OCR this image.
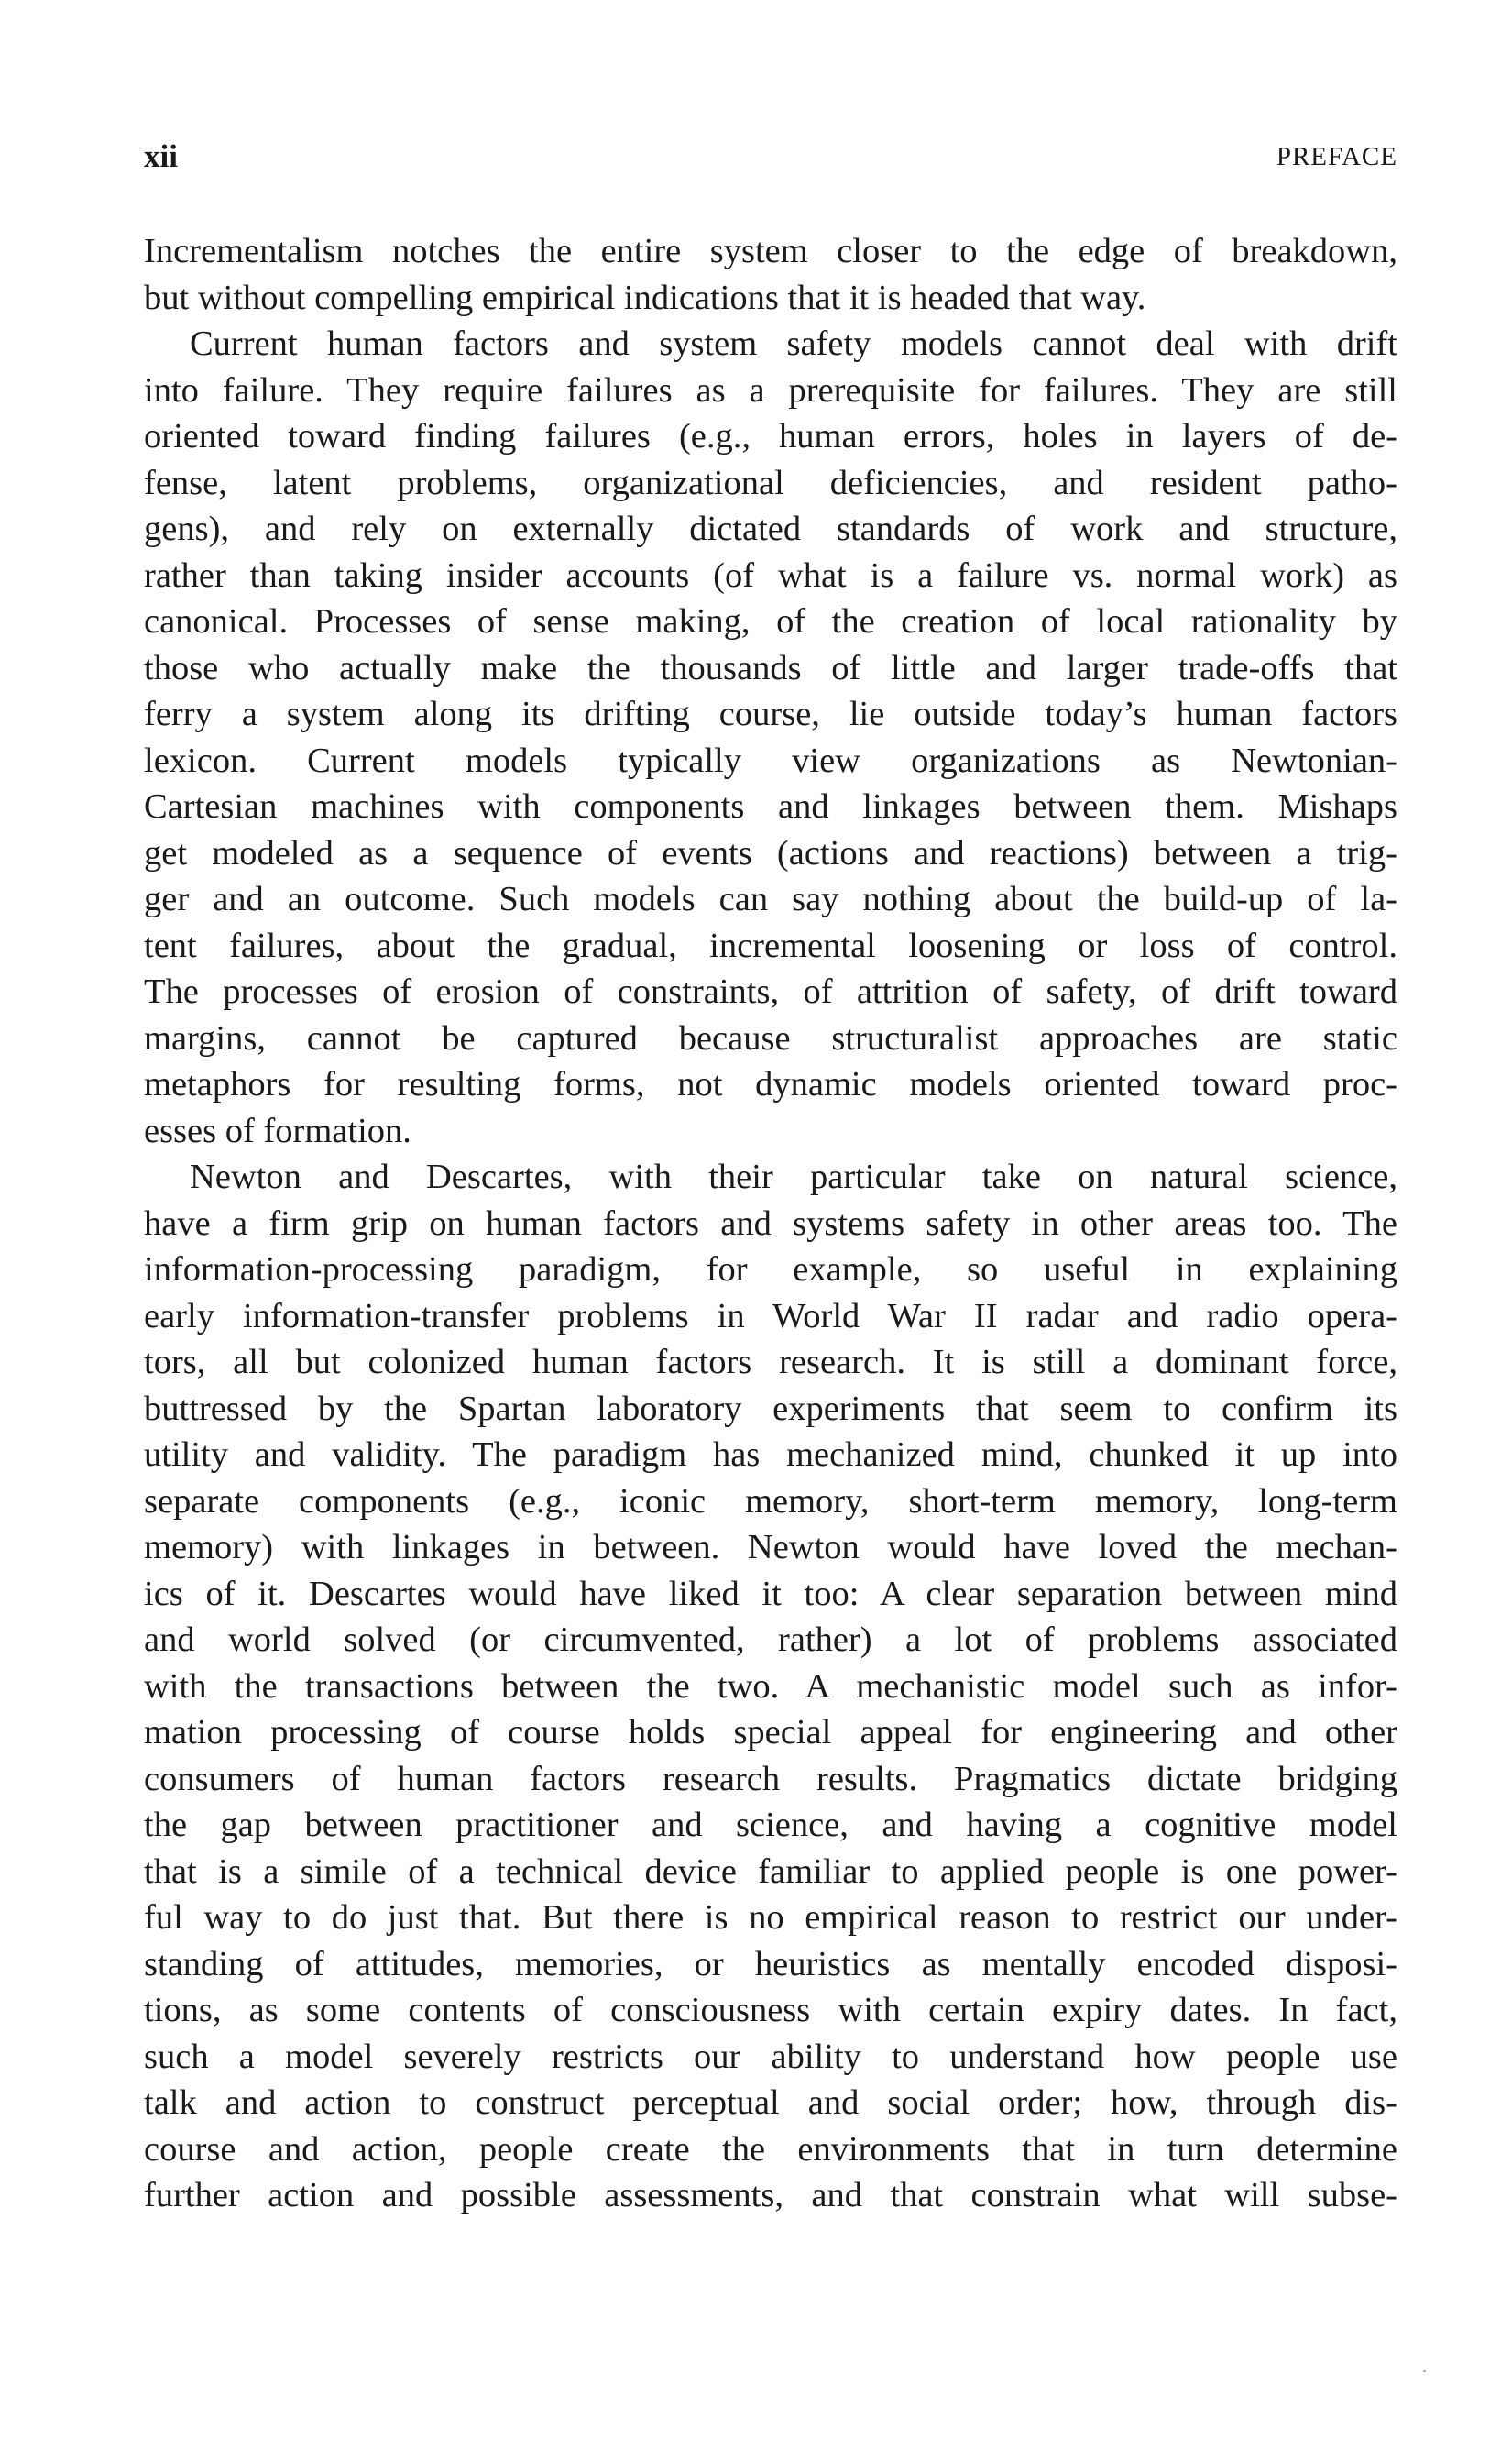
xii	PREFACE
Incrementalism notches the entire system closer to the edge of breakdown,
but without compelling empirical indications that it is headed that way.
Current human factors and system safety models cannot deal with drift
into failure. They require failures as a prerequisite for failures. They are still
oriented toward finding failures (e.g., human errors, holes in layers of de-
fense, latent problems, organizational deficiencies, and resident patho-
gens), and rely on externally dictated standards of work and structure,
rather than taking insider accounts (of what is a failure vs. normal work) as
canonical. Processes of sense making, of the creation of local rationality by
those who actually make the thousands of little and larger trade-offs that
ferry a system along its drifting course, lie outside today’s human factors
lexicon. Current models typically view organizations as Newtonian-
Cartesian machines with components and linkages between them. Mishaps
get modeled as a sequence of events (actions and reactions) between a trig-
ger and an outcome. Such models can say nothing about the build-up of la-
tent failures, about the gradual, incremental loosening or loss of control.
The processes of erosion of constraints, of attrition of safety, of drift toward
margins, cannot be captured because structuralist approaches are static
metaphors for resulting forms, not dynamic models oriented toward proc-
esses of formation.
Newton and Descartes, with their particular take on natural science,
have a firm grip on human factors and systems safety in other areas too. The
information-processing paradigm, for example, so useful in explaining
early information-transfer problems in World War II radar and radio opera-
tors, all but colonized human factors research. It is still a dominant force,
buttressed by the Spartan laboratory experiments that seem to confirm its
utility and validity. The paradigm has mechanized mind, chunked it up into
separate components (e.g., iconic memory, short-term memory, long-term
memory) with linkages in between. Newton would have loved the mechan-
ics of it. Descartes would have liked it too: A clear separation between mind
and world solved (or circumvented, rather) a lot of problems associated
with the transactions between the two. A mechanistic model such as infor-
mation processing of course holds special appeal for engineering and other
consumers of human factors research results. Pragmatics dictate bridging
the gap between practitioner and science, and having a cognitive model
that is a simile of a technical device familiar to applied people is one power-
ful way to do just that. But there is no empirical reason to restrict our under-
standing of attitudes, memories, or heuristics as mentally encoded disposi-
tions, as some contents of consciousness with certain expiry dates. In fact,
such a model severely restricts our ability to understand how people use
talk and action to construct perceptual and social order; how, through dis-
course and action, people create the environments that in turn determine
further action and possible assessments, and that constrain what will subse-
